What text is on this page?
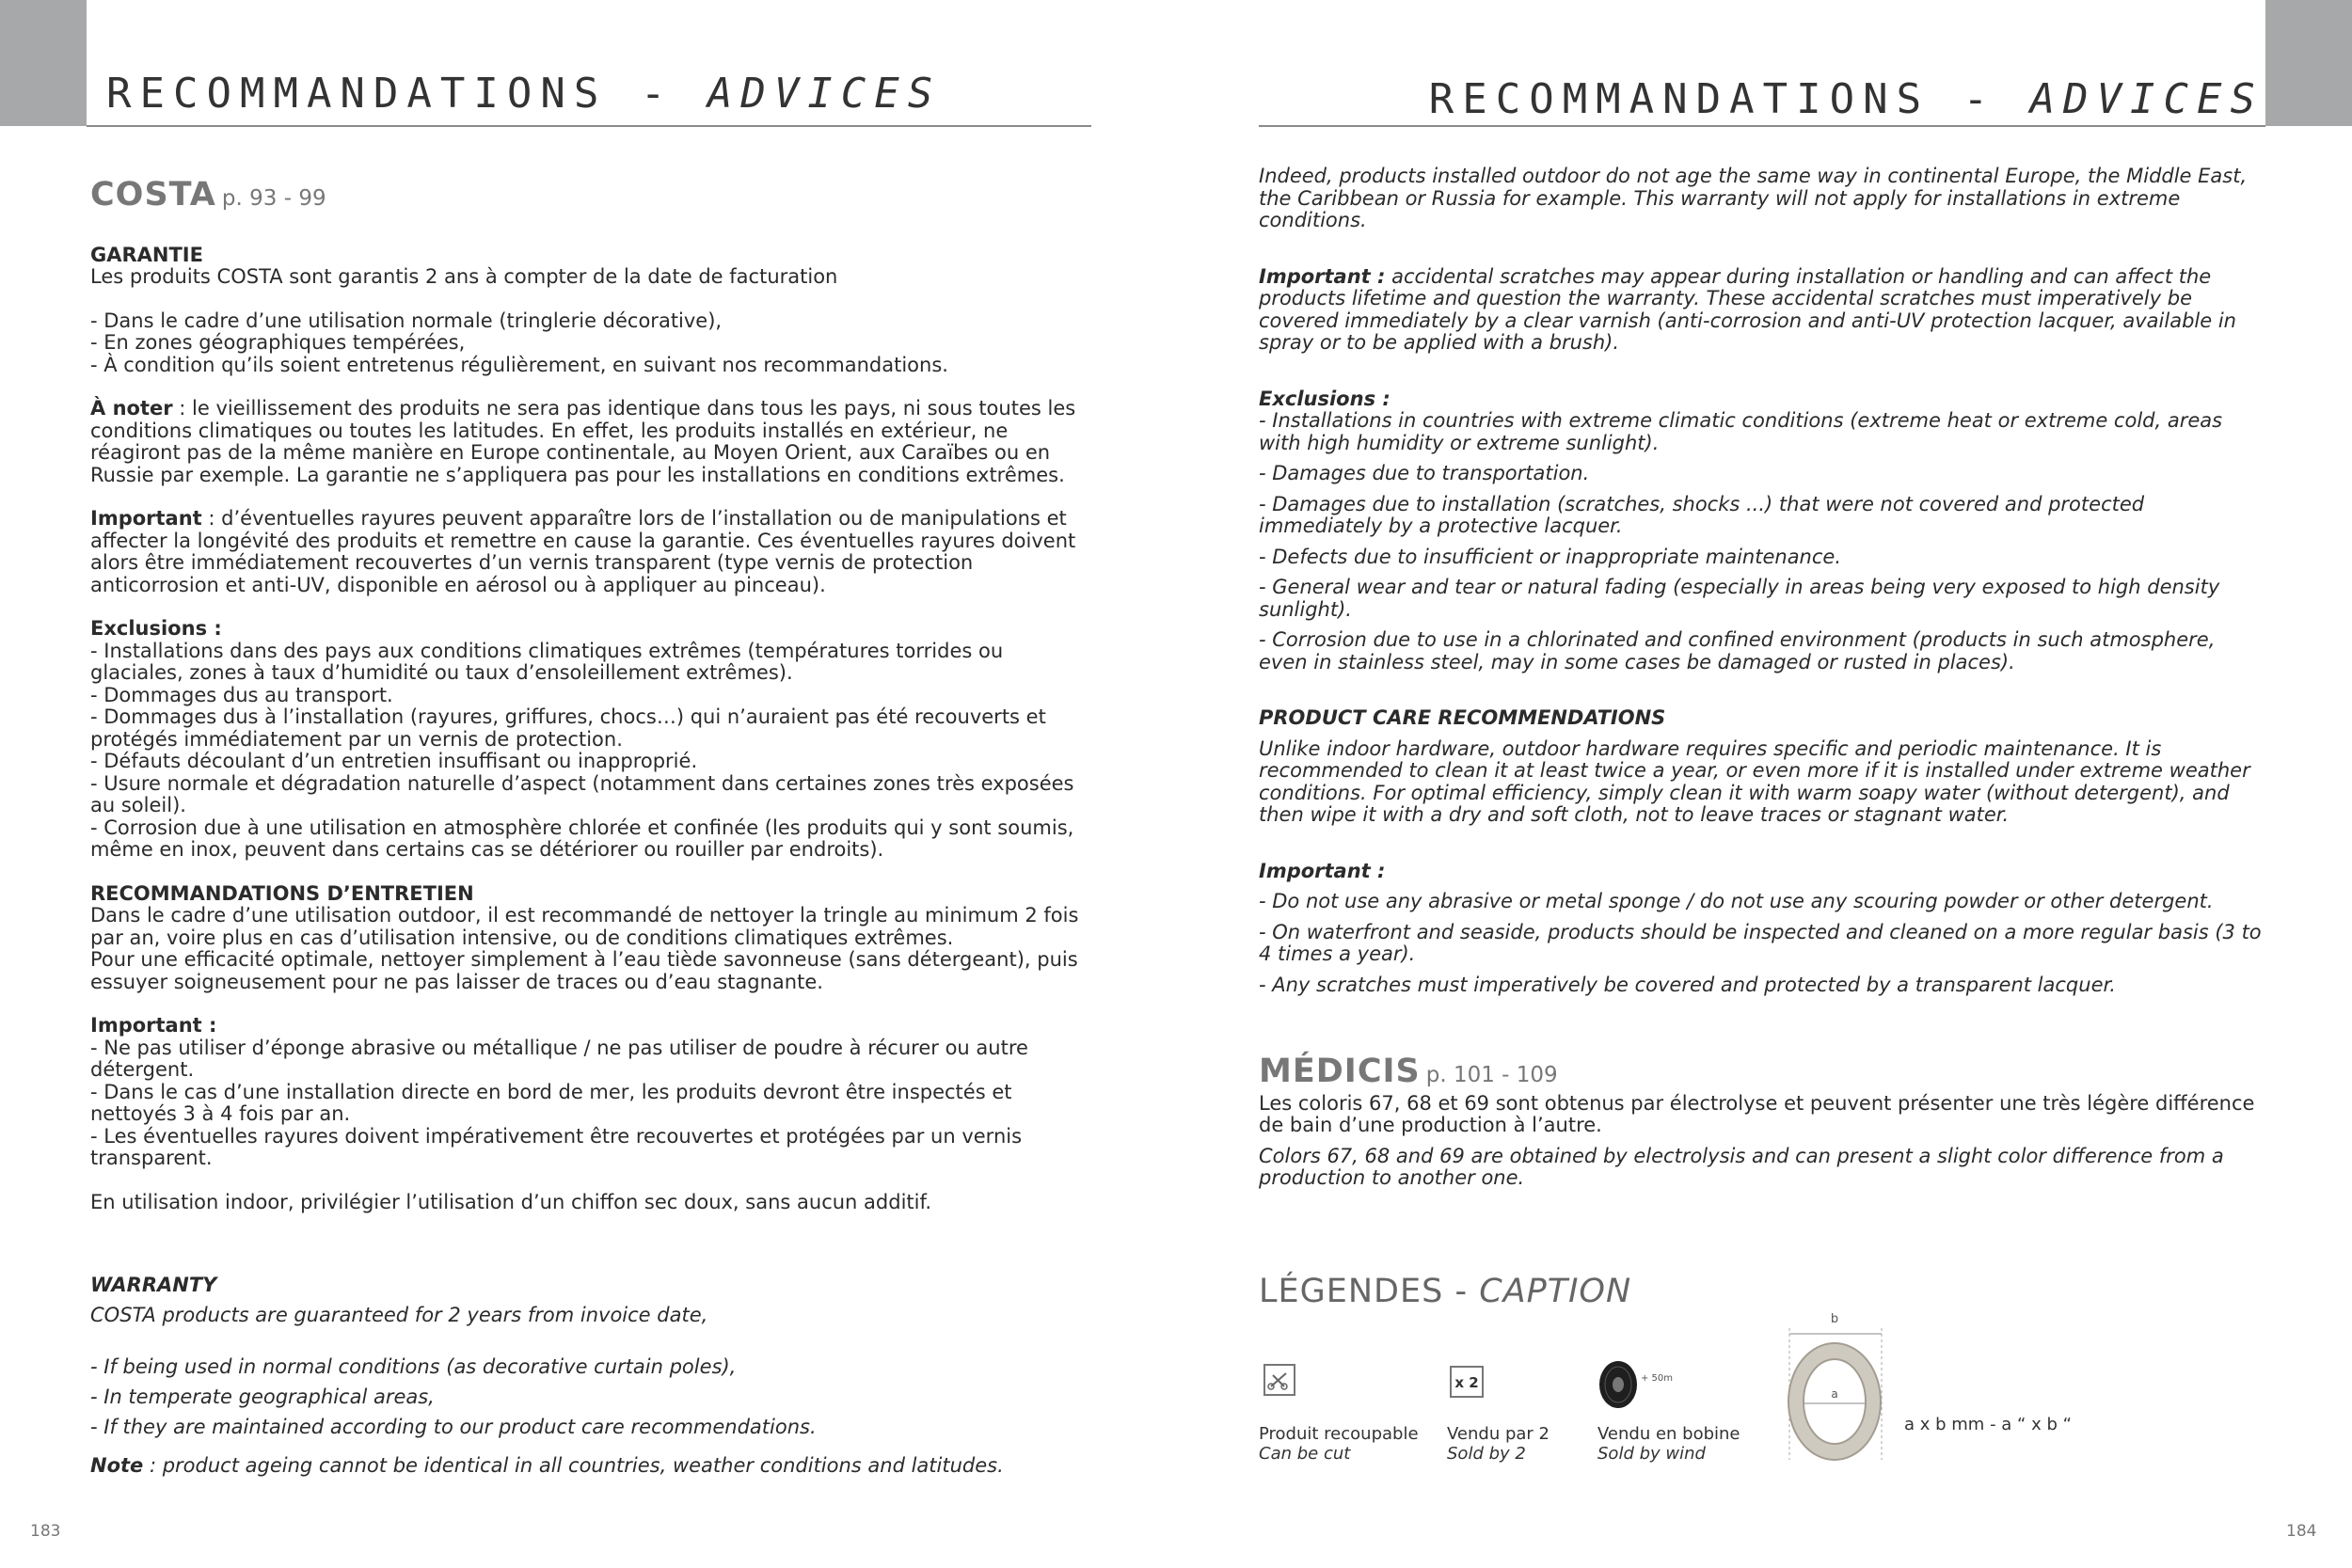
RECOMMANDATIONS - ADVICES	RECOMMANDATIONS - ADVICES

COSTA p. 93 - 99

GARANTIE

Les produits COSTA sont garantis 2 ans à compter de la date de facturation

- Dans le cadre d’une utilisation normale (tringlerie décorative),

- En zones géographiques tempérées,

- À condition qu’ils soient entretenus régulièrement, en suivant nos recommandations.

À noter : le vieillissement des produits ne sera pas identique dans tous les pays, ni sous toutes les conditions climatiques ou toutes les latitudes. En effet, les produits installés en extérieur, ne réagiront pas de la même manière en Europe continentale, au Moyen Orient, aux Caraïbes ou en Russie par exemple. La garantie ne s’appliquera pas pour les installations en conditions extrêmes.

Important : d’éventuelles rayures peuvent apparaître lors de l’installation ou de manipulations et affecter la longévité des produits et remettre en cause la garantie. Ces éventuelles rayures doivent alors être immédiatement recouvertes d’un vernis transparent (type vernis de protection anticorrosion et anti-UV, disponible en aérosol ou à appliquer au pinceau).

Exclusions :

- Installations dans des pays aux conditions climatiques extrêmes (températures torrides ou glaciales, zones à taux d’humidité ou taux d’ensoleillement extrêmes).

- Dommages dus au transport.

- Dommages dus à l’installation (rayures, griffures, chocs…) qui n’auraient pas été recouverts et protégés immédiatement par un vernis de protection.

- Défauts découlant d’un entretien insuffisant ou inapproprié.

- Usure normale et dégradation naturelle d’aspect (notamment dans certaines zones très exposées au soleil).

- Corrosion due à une utilisation en atmosphère chlorée et confinée (les produits qui y sont soumis, même en inox, peuvent dans certains cas se détériorer ou rouiller par endroits).

RECOMMANDATIONS D’ENTRETIEN

Dans le cadre d’une utilisation outdoor, il est recommandé de nettoyer la tringle au minimum 2 fois par an, voire plus en cas d’utilisation intensive, ou de conditions climatiques extrêmes.

Pour une efficacité optimale, nettoyer simplement à l’eau tiède savonneuse (sans détergeant), puis essuyer soigneusement pour ne pas laisser de traces ou d’eau stagnante.

Important :

- Ne pas utiliser d’éponge abrasive ou métallique / ne pas utiliser de poudre à récurer ou autre détergent.

- Dans le cas d’une installation directe en bord de mer, les produits devront être inspectés et nettoyés 3 à 4 fois par an.

- Les éventuelles rayures doivent impérativement être recouvertes et protégées par un vernis transparent.

En utilisation indoor, privilégier l’utilisation d’un chiffon sec doux, sans aucun additif.

WARRANTY

COSTA products are guaranteed for 2 years from invoice date,

- If being used in normal conditions (as decorative curtain poles),

- In temperate geographical areas,

- If they are maintained according to our product care recommendations.

Note : product ageing cannot be identical in all countries, weather conditions and latitudes.

183

Indeed, products installed outdoor do not age the same way in continental Europe, the Middle East, the Caribbean or Russia for example. This warranty will not apply for installations in extreme conditions.

Important : accidental scratches may appear during installation or handling and can affect the products lifetime and question the warranty. These accidental scratches must imperatively be covered immediately by a clear varnish (anti-corrosion and anti-UV protection lacquer, available in spray or to be applied with a brush).

Exclusions :

- Installations in countries with extreme climatic conditions (extreme heat or extreme cold, areas with high humidity or extreme sunlight).

- Damages due to transportation.

- Damages due to installation (scratches, shocks ...) that were not covered and protected immediately by a protective lacquer.

- Defects due to insufficient or inappropriate maintenance.

- General wear and tear or natural fading (especially in areas being very exposed to high density sunlight).

- Corrosion due to use in a chlorinated and confined environment (products in such atmosphere, even in stainless steel, may in some cases be damaged or rusted in places).

PRODUCT CARE RECOMMENDATIONS

Unlike indoor hardware, outdoor hardware requires specific and periodic maintenance. It is recommended to clean it at least twice a year, or even more if it is installed under extreme weather conditions. For optimal efficiency, simply clean it with warm soapy water (without detergent), and then wipe it with a dry and soft cloth, not to leave traces or stagnant water.

Important :

- Do not use any abrasive or metal sponge / do not use any scouring powder or other detergent.

- On waterfront and seaside, products should be inspected and cleaned on a more regular basis (3 to 4 times a year).

- Any scratches must imperatively be covered and protected by a transparent lacquer.

MÉDICIS p. 101 - 109

Les coloris 67, 68 et 69 sont obtenus par électrolyse et peuvent présenter une très légère différence de bain d’une production à l’autre.

Colors 67, 68 and 69 are obtained by electrolysis and can present a slight color difference from a production to another one.

LÉGENDES - CAPTION

x 2	+ 50m
b
a
Produit recoupable
Can be cut
Vendu par 2
Sold by 2
Vendu en bobine
Sold by wind
a x b mm - a “ x b “
184
